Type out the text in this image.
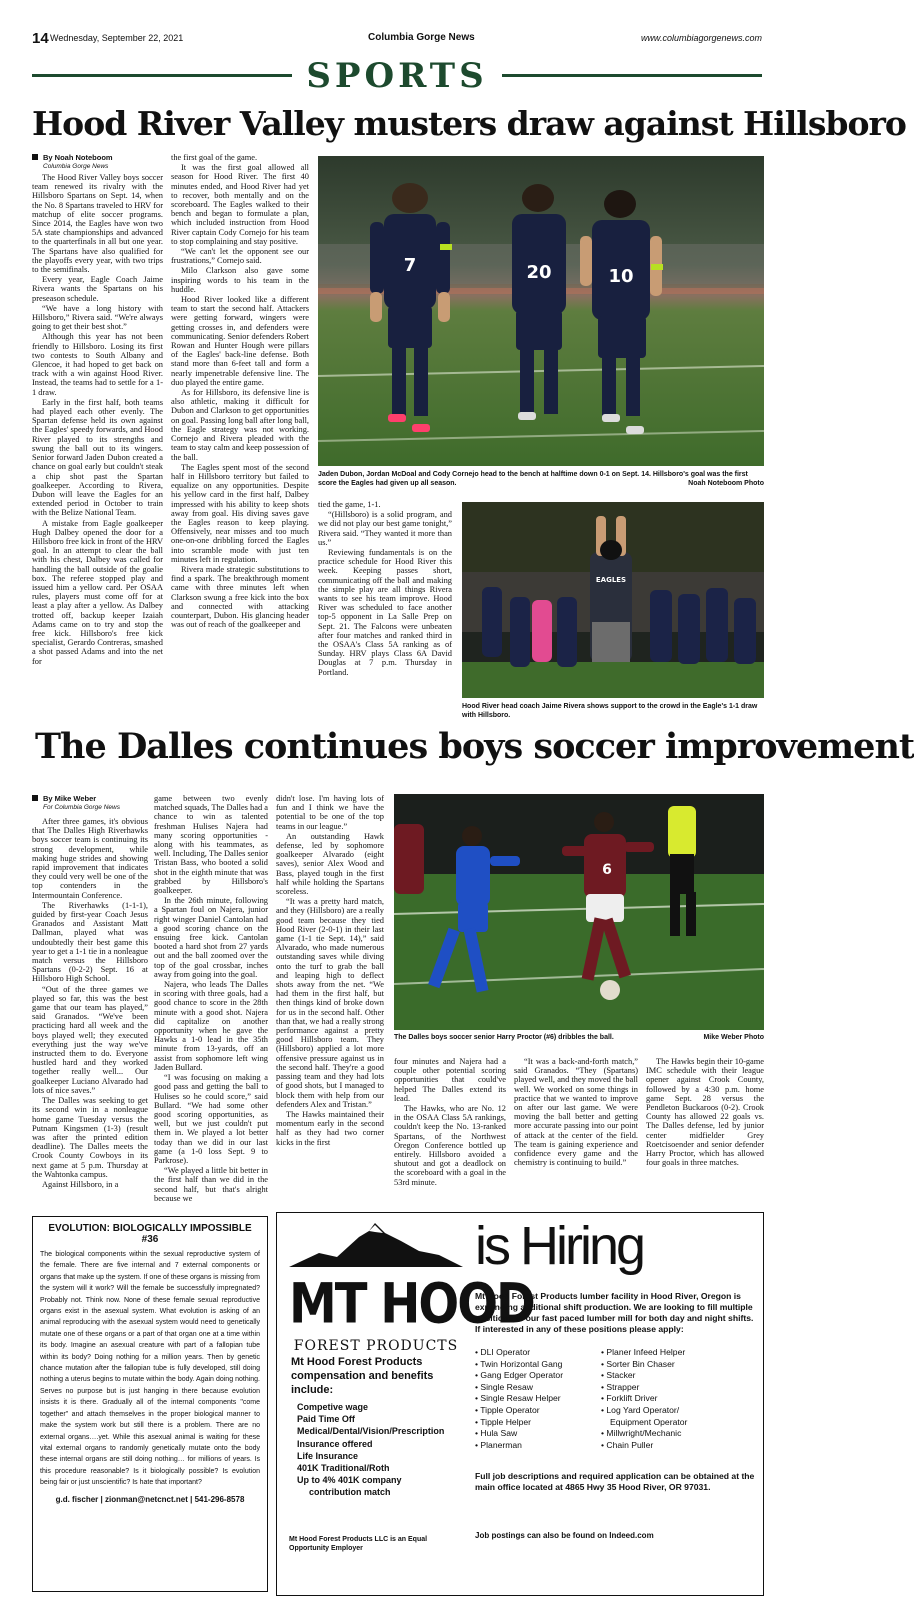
14 Wednesday, September 22, 2021	Columbia Gorge News	www.columbiagorgenews.com
SPORTS
Hood River Valley musters draw against Hillsboro
By Noah Noteboom
Columbia Gorge News

The Hood River Valley boys soccer team renewed its rivalry with the Hillsboro Spartans on Sept. 14, when the No. 8 Spartans traveled to HRV for matchup of elite soccer programs. Since 2014, the Eagles have won two 5A state championships and advanced to the quarterfinals in all but one year. The Spartans have also qualified for the playoffs every year, with two trips to the semifinals.

Every year, Eagle Coach Jaime Rivera wants the Spartans on his preseason schedule.

“We have a long history with Hillsboro,” Rivera said. “We're always going to get their best shot.”

Although this year has not been friendly to Hillsboro. Losing its first two contests to South Albany and Glencoe, it had hoped to get back on track with a win against Hood River. Instead, the teams had to settle for a 1-1 draw.

Early in the first half, both teams had played each other evenly. The Spartan defense held its own against the Eagles' speedy forwards, and Hood River played to its strengths and swung the ball out to its wingers. Senior forward Jaden Dubon created a chance on goal early but couldn't steak a chip shot past the Spartan goalkeeper. According to Rivera, Dubon will leave the Eagles for an extended period in October to train with the Belize National Team.

A mistake from Eagle goalkeeper Hugh Dalbey opened the door for a Hillsboro free kick in front of the HRV goal. In an attempt to clear the ball with his chest, Dalbey was called for handling the ball outside of the goalie box. The referee stopped play and issued him a yellow card. Per OSAA rules, players must come off for at least a play after a yellow. As Dalbey trotted off, backup keeper Izaiah Adams came on to try and stop the free kick. Hillsboro's free kick specialist, Gerardo Contreras, smashed a shot passed Adams and into the net for

the first goal of the game.

It was the first goal allowed all season for Hood River. The first 40 minutes ended, and Hood River had yet to recover, both mentally and on the scoreboard. The Eagles walked to their bench and began to formulate a plan, which included instruction from Hood River captain Cody Cornejo for his team to stop complaining and stay positive.

“We can't let the opponent see our frustrations,” Cornejo said.

Milo Clarkson also gave some inspiring words to his team in the huddle.

Hood River looked like a different team to start the second half. Attackers were getting forward, wingers were getting crosses in, and defenders were communicating. Senior defenders Robert Rowan and Hunter Hough were pillars of the Eagles' back-line defense. Both stand more than 6-feet tall and form a nearly impenetrable defensive line. The duo played the entire game.

As for Hillsboro, its defensive line is also athletic, making it difficult for Dubon and Clarkson to get opportunities on goal. Passing long ball after long ball, the Eagle strategy was not working. Cornejo and Rivera pleaded with the team to stay calm and keep possession of the ball.

The Eagles spent most of the second half in Hillsboro territory but failed to equalize on any opportunities. Despite his yellow card in the first half, Dalbey impressed with his ability to keep shots away from goal. His diving saves gave the Eagles reason to keep playing. Offensively, near misses and too much one-on-one dribbling forced the Eagles into scramble mode with just ten minutes left in regulation.

Rivera made strategic substitutions to find a spark. The breakthrough moment came with three minutes left when Clarkson swung a free kick into the box and connected with attacking counterpart, Dubon. His glancing header was out of reach of the goalkeeper and

7	20	10
Jaden Dubon, Jordan McDoal and Cody Cornejo head to the bench at halftime down 0-1 on Sept. 14. Hillsboro's goal was the first score the Eagles had given up all season.	Noah Noteboom Photo

tied the game, 1-1.

“(Hillsboro) is a solid program, and we did not play our best game tonight,” Rivera said. “They wanted it more than us.”

Reviewing fundamentals is on the practice schedule for Hood River this week. Keeping passes short, communicating off the ball and making the simple play are all things Rivera wants to see his team improve. Hood River was scheduled to face another top-5 opponent in La Salle Prep on Sept. 21. The Falcons were unbeaten after four matches and ranked third in the OSAA's Class 5A ranking as of Sunday. HRV plays Class 6A David Douglas at 7 p.m. Thursday in Portland.

EAGLES
Hood River head coach Jaime Rivera shows support to the crowd in the Eagle's 1-1 draw with Hillsboro.
The Dalles continues boys soccer improvement
By Mike Weber
For Columbia Gorge News

After three games, it's obvious that The Dalles High Riverhawks boys soccer team is continuing its strong development, while making huge strides and showing rapid improvement that indicates they could very well be one of the top contenders in the Intermountain Conference.

The Riverhawks (1-1-1), guided by first-year Coach Jesus Granados and Assistant Matt Dallman, played what was undoubtedly their best game this year to get a 1-1 tie in a nonleague match versus the Hillsboro Spartans (0-2-2) Sept. 16 at Hillsboro High School.

“Out of the three games we played so far, this was the best game that our team has played,” said Granados. “We've been practicing hard all week and the boys played well; they executed everything just the way we've instructed them to do. Everyone hustled hard and they worked together really well... Our goalkeeper Luciano Alvarado had lots of nice saves.”

The Dalles was seeking to get its second win in a nonleague home game Tuesday versus the Putnam Kingsmen (1-3) (result was after the printed edition deadline). The Dalles meets the Crook County Cowboys in its next game at 5 p.m. Thursday at the Wahtonka campus.

Against Hillsboro, in a

game between two evenly matched squads, The Dalles had a chance to win as talented freshman Hulises Najera had many scoring opportunities - along with his teammates, as well. Including, The Dalles senior Tristan Bass, who booted a solid shot in the eighth minute that was grabbed by Hillsboro's goalkeeper.

In the 26th minute, following a Spartan foul on Najera, junior right winger Daniel Cantolan had a good scoring chance on the ensuing free kick. Cantolan booted a hard shot from 27 yards out and the ball zoomed over the top of the goal crossbar, inches away from going into the goal.

Najera, who leads The Dalles in scoring with three goals, had a good chance to score in the 28th minute with a good shot. Najera did capitalize on another opportunity when he gave the Hawks a 1-0 lead in the 35th minute from 13-yards, off an assist from sophomore left wing Jaden Bullard.

“I was focusing on making a good pass and getting the ball to Hulises so he could score,” said Bullard. “We had some other good scoring opportunities, as well, but we just couldn't put them in. We played a lot better today than we did in our last game (a 1-0 loss Sept. 9 to Parkrose).

“We played a little bit better in the first half than we did in the second half, but that's alright because we

didn't lose. I'm having lots of fun and I think we have the potential to be one of the top teams in our league.”

An outstanding Hawk defense, led by sophomore goalkeeper Alvarado (eight saves), senior Alex Wood and Bass, played tough in the first half while holding the Spartans scoreless.

“It was a pretty hard match, and they (Hillsboro) are a really good team because they tied Hood River (2-0-1) in their last game (1-1 tie Sept. 14),” said Alvarado, who made numerous outstanding saves while diving onto the turf to grab the ball and leaping high to deflect shots away from the net. “We had them in the first half, but then things kind of broke down for us in the second half. Other than that, we had a really strong performance against a pretty good Hillsboro team. They (Hillsboro) applied a lot more offensive pressure against us in the second half. They're a good passing team and they had lots of good shots, but I managed to block them with help from our defenders Alex and Tristan.”

The Hawks maintained their momentum early in the second half as they had two corner kicks in the first

6
The Dalles boys soccer senior Harry Proctor (#6) dribbles the ball.	Mike Weber Photo

four minutes and Najera had a couple other potential scoring opportunities that could've helped The Dalles extend its lead.

The Hawks, who are No. 12 in the OSAA Class 5A rankings, couldn't keep the No. 13-ranked Spartans, of the Northwest Oregon Conference bottled up entirely. Hillsboro avoided a shutout and got a deadlock on the scoreboard with a goal in the 53rd minute.

“It was a back-and-forth match,” said Granados. “They (Spartans) played well, and they moved the ball well. We worked on some things in practice that we wanted to improve on after our last game. We were moving the ball better and getting more accurate passing into our point of attack at the center of the field. The team is gaining experience and confidence every game and the chemistry is continuing to build.”

The Hawks begin their 10-game IMC schedule with their league opener against Crook County, followed by a 4:30 p.m. home game Sept. 28 versus the Pendleton Buckaroos (0-2). Crook County has allowed 22 goals vs. The Dalles defense, led by junior center midfielder Grey Roetcisoender and senior defender Harry Proctor, which has allowed four goals in three matches.

EVOLUTION: BIOLOGICALLY IMPOSSIBLE #36
The biological components within the sexual reproductive system of the female. There are five internal and 7 external components or organs that make up the system. If one of these organs is missing from the system will it work? Will the female be successfully impregnated? Probably not. Think now. None of these female sexual reproductive organs exist in the asexual system. What evolution is asking of an animal reproducing with the asexual system would need to genetically mutate one of these organs or a part of that organ one at a time within its body. Imagine an asexual creature with part of a fallopian tube within its body? Doing nothing for a million years. Then by genetic chance mutation after the fallopian tube is fully developed, still doing nothing a uterus begins to mutate within the body. Again doing nothing. Serves no purpose but is just hanging in there because evolution insists it is there. Gradually all of the internal components "come together" and attach themselves in the proper biological manner to make the system work but still there is a problem. There are no external organs….yet. While this asexual animal is waiting for these vital external organs to randomly genetically mutate onto the body these internal organs are still doing nothing… for millions of years. Is this procedure reasonable? Is it biologically possible? Is evolution being fair or just unscientific? Is hate that important?
g.d. fischer | zionman@netcnct.net | 541-296-8578
MT HOOD
FOREST PRODUCTS
Mt Hood Forest Products compensation and benefits include:
Competive wage
Paid Time Off
Medical/Dental/Vision/Prescription
Insurance offered
Life Insurance
401K Traditional/Roth
Up to 4% 401K company
contribution match
Mt Hood Forest Products LLC is an Equal Opportunity Employer
is Hiring
Mt Hood Forest Products lumber facility in Hood River, Oregon is expanding additional shift production. We are looking to fill multiple positions in our fast paced lumber mill for both day and night shifts. If interested in any of these positions please apply:
• DLI Operator
• Twin Horizontal Gang
• Gang Edger Operator
• Single Resaw
• Single Resaw Helper
• Tipple Operator
• Tipple Helper
• Hula Saw
• Planerman
• Planer Infeed Helper
• Sorter Bin Chaser
• Stacker
• Strapper
• Forklift Driver
• Log Yard Operator/
Equipment Operator
• Millwright/Mechanic
• Chain Puller
Full job descriptions and required application can be obtained at the main office located at 4865 Hwy 35 Hood River, OR 97031.
Job postings can also be found on Indeed.com
